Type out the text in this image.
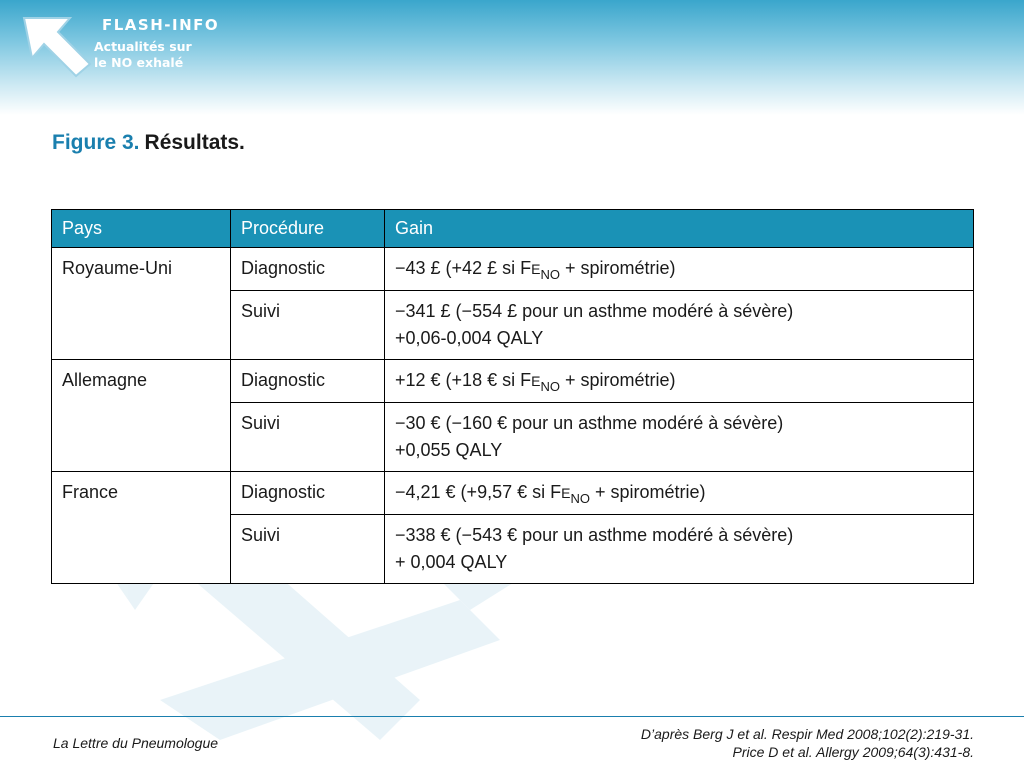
FLASH-INFO
Actualités sur
le NO exhalé
Figure 3. Résultats.
Pays	Procédure	Gain
Royaume-Uni	Diagnostic	−43 £ (+42 £ si $FE_{NO}$ + spirométrie)
	Suivi	−341 £ (−554 £ pour un asthme modéré à sévère)
+0,06-0,004 QALY

Allemagne	Diagnostic	+12 € (+18 € si $FE_{NO}$ + spirométrie)
	Suivi	−30 € (−160 € pour un asthme modéré à sévère)
+0,055 QALY

France	Diagnostic	−4,21 € (+9,57 € si $FE_{NO}$ + spirométrie)
	Suivi	−338 € (−543 € pour un asthme modéré à sévère)
+ 0,004 QALY
La Lettre du Pneumologue
D’après Berg J et al. Respir Med 2008;102(2):219-31.
Price D et al. Allergy 2009;64(3):431-8.
